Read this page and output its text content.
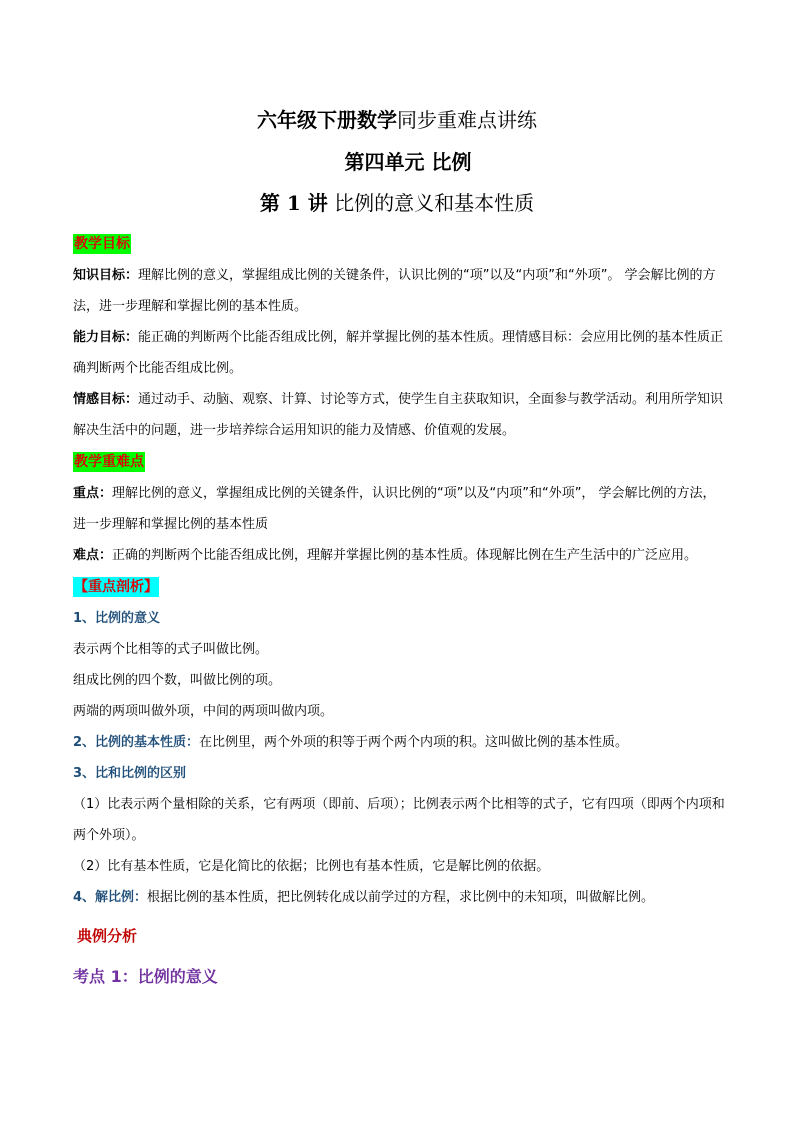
六年级下册数学同步重难点讲练
第四单元 比例
第 1 讲 比例的意义和基本性质
教学目标

知识目标：理解比例的意义，掌握组成比例的关键条件，认识比例的“项”以及“内项”和“外项”。 学会解比例的方法，进一步理解和掌握比例的基本性质。

能力目标：能正确的判断两个比能否组成比例，解并掌握比例的基本性质。理情感目标：会应用比例的基本性质正确判断两个比能否组成比例。

情感目标：通过动手、动脑、观察、计算、讨论等方式，使学生自主获取知识，全面参与教学活动。利用所学知识解决生活中的问题，进一步培养综合运用知识的能力及情感、价值观的发展。

教学重难点

重点：理解比例的意义，掌握组成比例的关键条件，认识比例的“项”以及“内项”和“外项”， 学会解比例的方法，进一步理解和掌握比例的基本性质

难点：正确的判断两个比能否组成比例，理解并掌握比例的基本性质。体现解比例在生产生活中的广泛应用。

【重点剖析】

1、比例的意义

表示两个比相等的式子叫做比例。

组成比例的四个数，叫做比例的项。

两端的两项叫做外项，中间的两项叫做内项。

2、比例的基本性质：在比例里，两个外项的积等于两个两个内项的积。这叫做比例的基本性质。

3、比和比例的区别

（1）比表示两个量相除的关系，它有两项（即前、后项）；比例表示两个比相等的式子，它有四项（即两个内项和两个外项）。

（2）比有基本性质，它是化简比的依据；比例也有基本性质，它是解比例的依据。

4、解比例：根据比例的基本性质，把比例转化成以前学过的方程，求比例中的未知项，叫做解比例。

典例分析
考点 1：比例的意义
